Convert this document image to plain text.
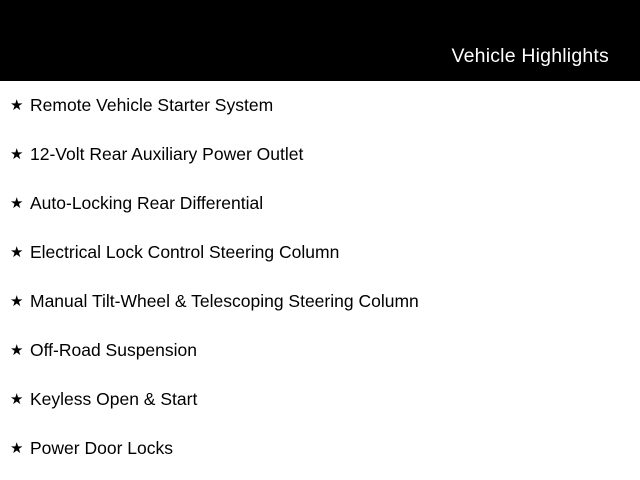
Vehicle Highlights
★ Remote Vehicle Starter System
★ 12-Volt Rear Auxiliary Power Outlet
★ Auto-Locking Rear Differential
★ Electrical Lock Control Steering Column
★ Manual Tilt-Wheel & Telescoping Steering Column
★ Off-Road Suspension
★ Keyless Open & Start
★ Power Door Locks
